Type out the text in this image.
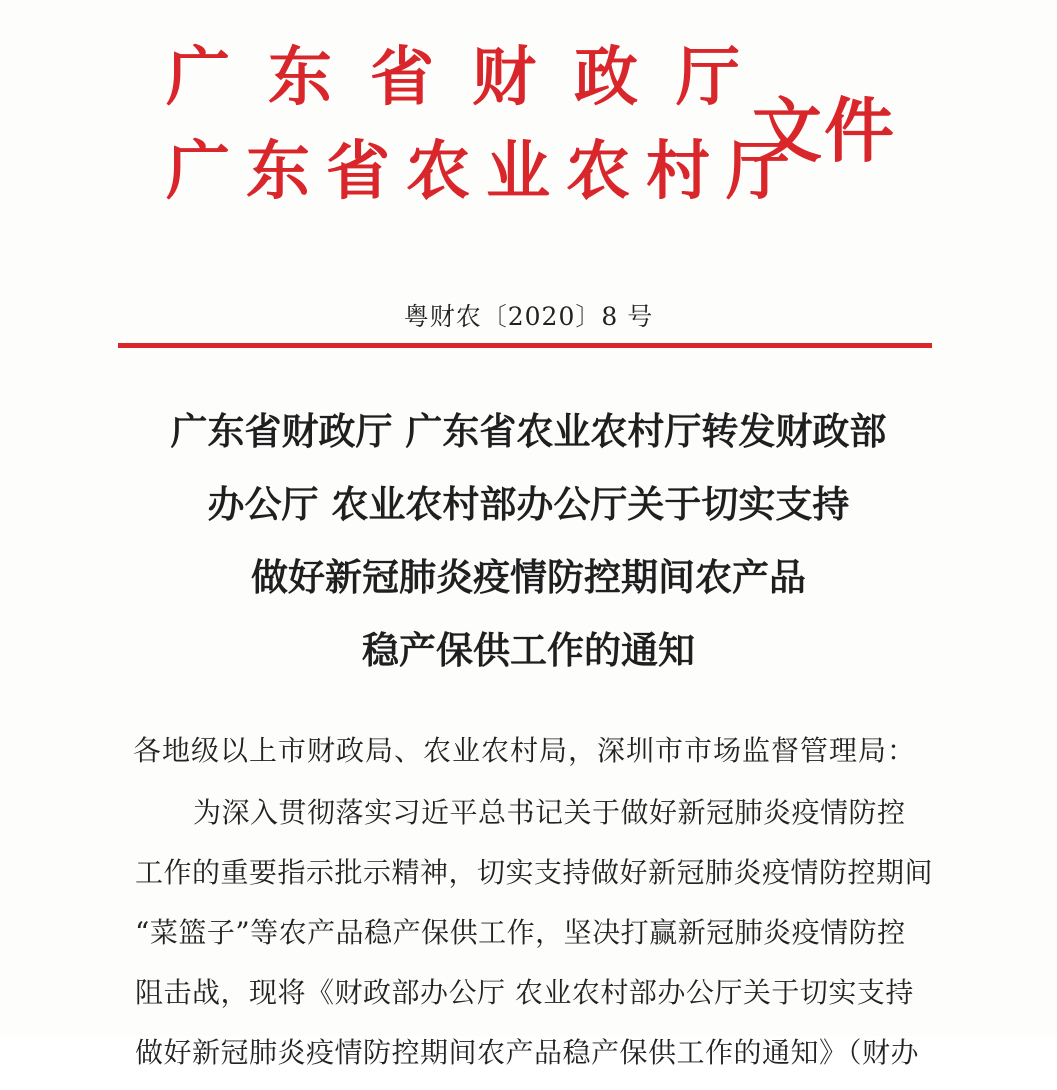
广东省财政厅
广东省农业农村厅
文件
粤财农〔2020〕8 号
广东省财政厅 广东省农业农村厅转发财政部
办公厅 农业农村部办公厅关于切实支持
做好新冠肺炎疫情防控期间农产品
稳产保供工作的通知
各地级以上市财政局、农业农村局，深圳市市场监督管理局：
为深入贯彻落实习近平总书记关于做好新冠肺炎疫情防控
工作的重要指示批示精神，切实支持做好新冠肺炎疫情防控期间
“菜篮子”等农产品稳产保供工作，坚决打赢新冠肺炎疫情防控
阻击战，现将《财政部办公厅 农业农村部办公厅关于切实支持
做好新冠肺炎疫情防控期间农产品稳产保供工作的通知》（财办
